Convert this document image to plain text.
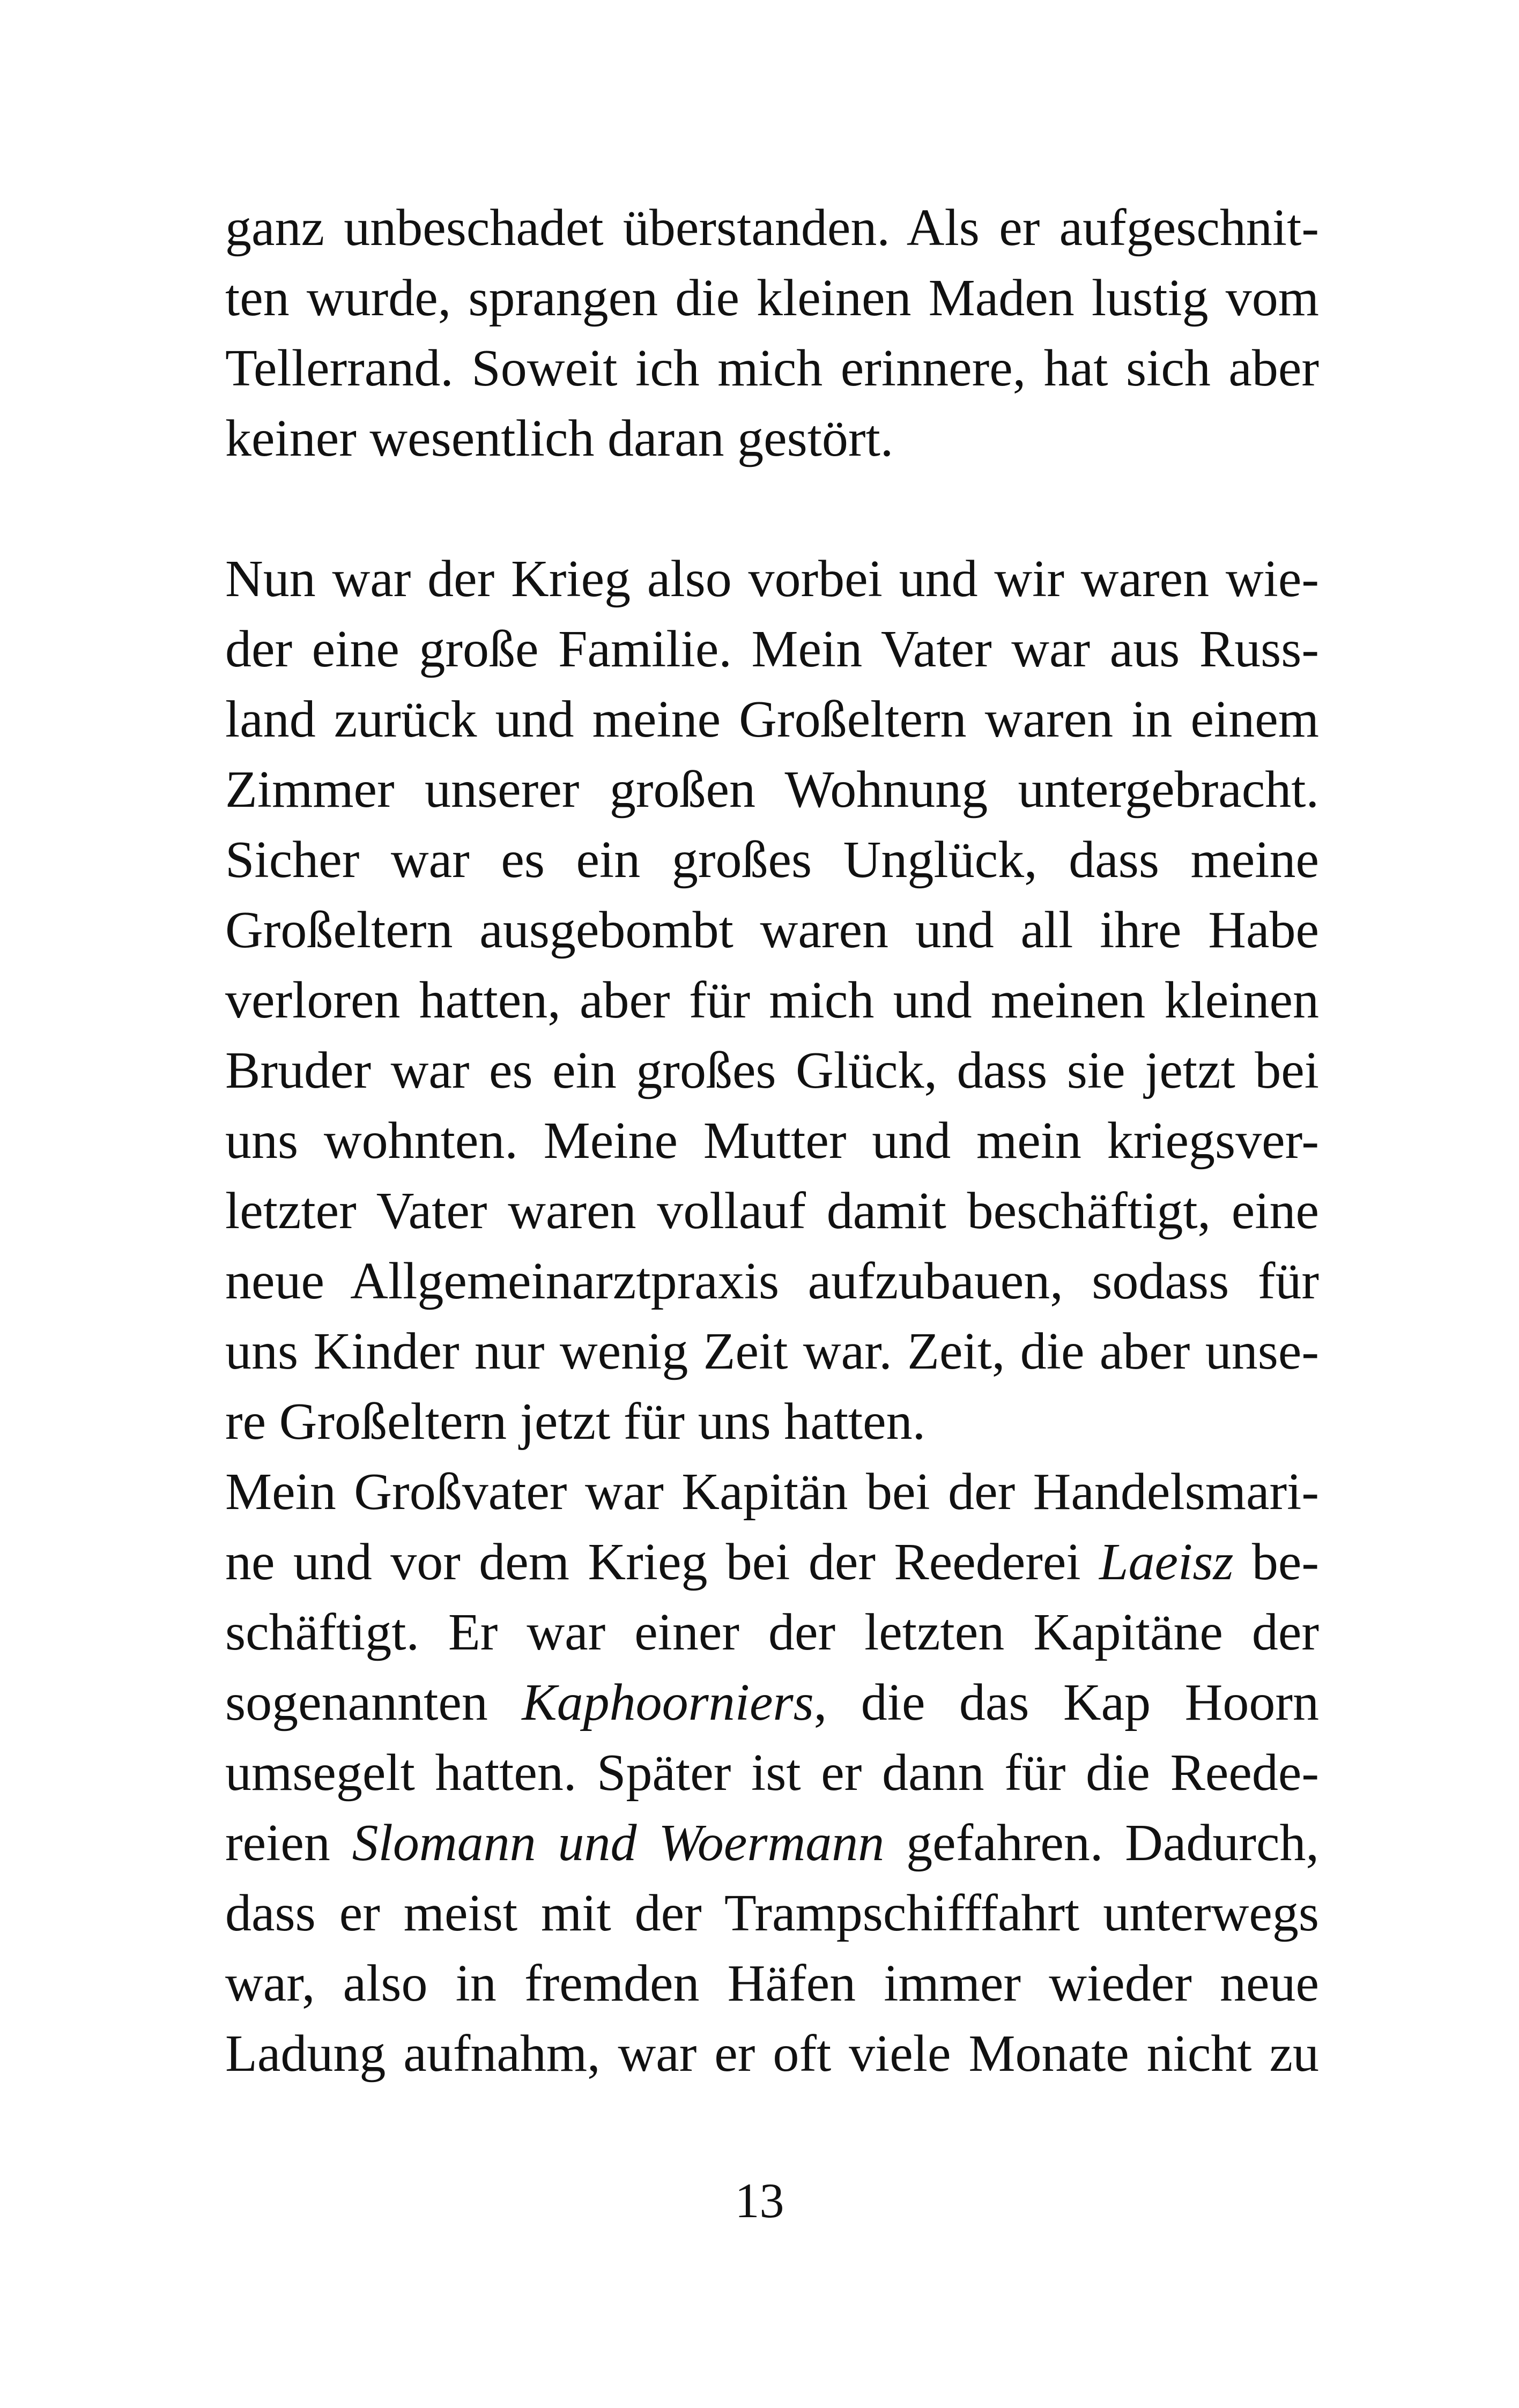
ganz unbeschadet überstanden. Als er aufgeschnit-
ten wurde, sprangen die kleinen Maden lustig vom
Tellerrand. Soweit ich mich erinnere, hat sich aber
keiner wesentlich daran gestört.
Nun war der Krieg also vorbei und wir waren wie-
der eine große Familie. Mein Vater war aus Russ-
land zurück und meine Großeltern waren in einem
Zimmer unserer großen Wohnung untergebracht.
Sicher war es ein großes Unglück, dass meine
Großeltern ausgebombt waren und all ihre Habe
verloren hatten, aber für mich und meinen kleinen
Bruder war es ein großes Glück, dass sie jetzt bei
uns wohnten. Meine Mutter und mein kriegsver-
letzter Vater waren vollauf damit beschäftigt, eine
neue Allgemeinarztpraxis aufzubauen, sodass für
uns Kinder nur wenig Zeit war. Zeit, die aber unse-
re Großeltern jetzt für uns hatten.
Mein Großvater war Kapitän bei der Handelsmari-
ne und vor dem Krieg bei der Reederei Laeisz be-
schäftigt. Er war einer der letzten Kapitäne der
sogenannten Kaphoorniers, die das Kap Hoorn
umsegelt hatten. Später ist er dann für die Reede-
reien Slomann und Woermann gefahren. Dadurch,
dass er meist mit der Trampschifffahrt unterwegs
war, also in fremden Häfen immer wieder neue
Ladung aufnahm, war er oft viele Monate nicht zu
13
